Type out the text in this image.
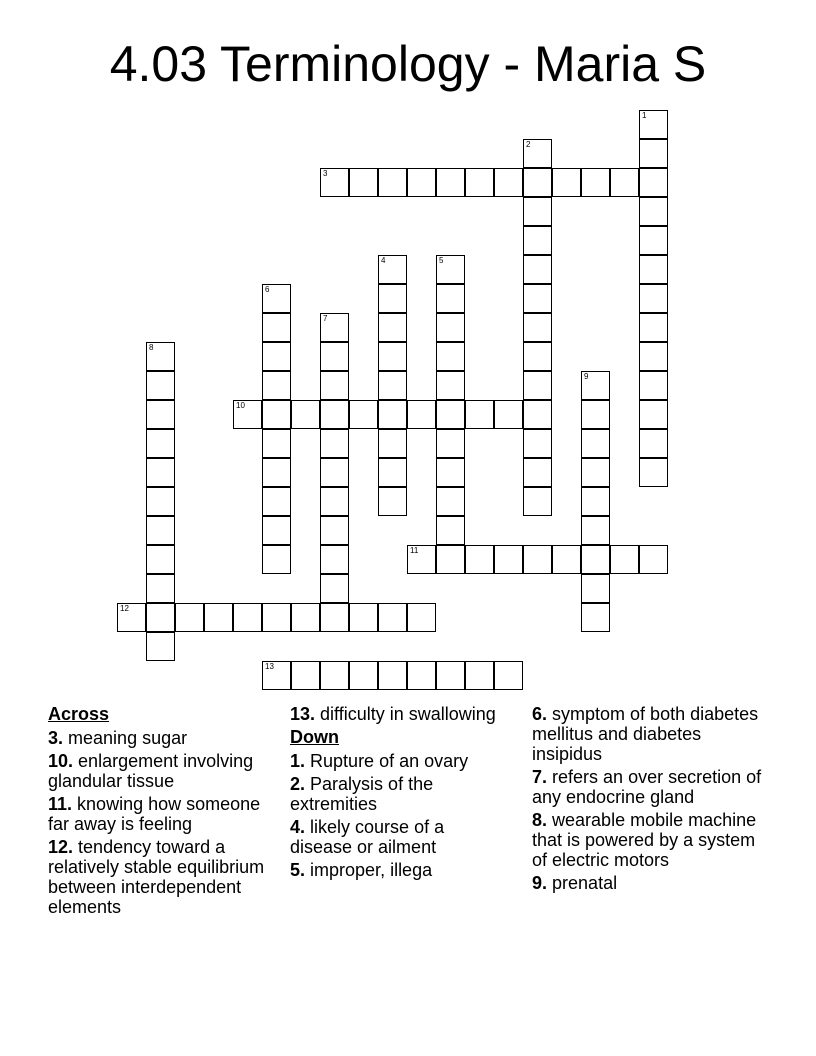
4.03 Terminology - Maria S
1
2
3
4	5
6
7
8
9
10
11
12
13
Across
3. meaning sugar
10. enlargement involving glandular tissue
11. knowing how someone far away is feeling
12. tendency toward a relatively stable equilibrium between interdependent elements
13. difficulty in swallowing
Down
1. Rupture of an ovary
2. Paralysis of the extremities
4. likely course of a disease or ailment
5. improper, illega
6. symptom of both diabetes mellitus and diabetes insipidus
7. refers an over secretion of any endocrine gland
8. wearable mobile machine that is powered by a system of electric motors
9. prenatal
